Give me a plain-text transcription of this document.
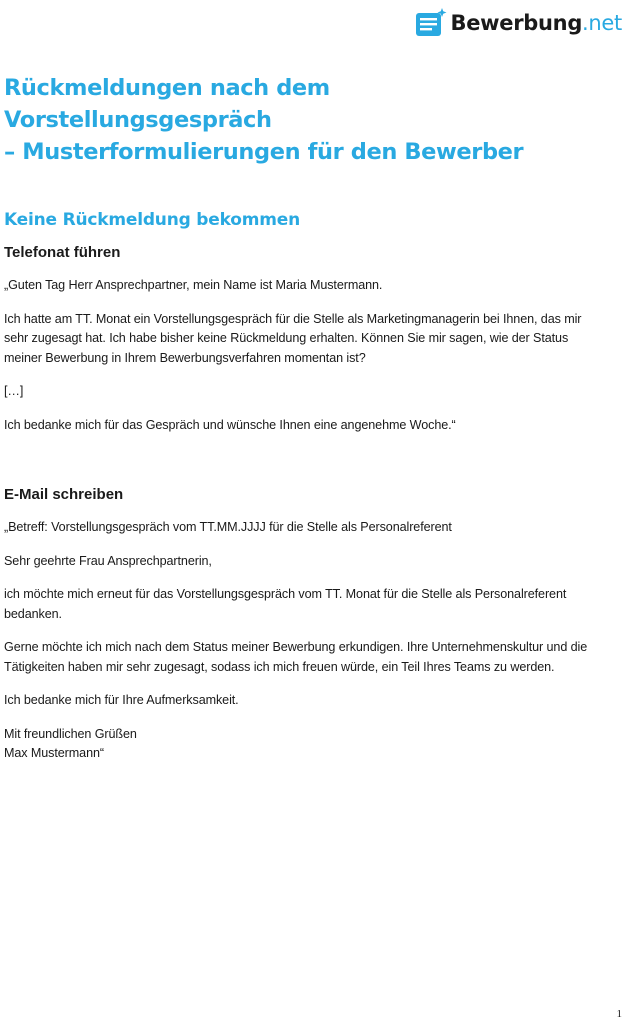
Bewerbung.net
Rückmeldungen nach dem Vorstellungsgespräch
– Musterformulierungen für den Bewerber
Keine Rückmeldung bekommen
Telefonat führen

„Guten Tag Herr Ansprechpartner, mein Name ist Maria Mustermann.

Ich hatte am TT. Monat ein Vorstellungsgespräch für die Stelle als Marketingmanagerin bei Ihnen, das mir sehr zugesagt hat. Ich habe bisher keine Rückmeldung erhalten. Können Sie mir sagen, wie der Status meiner Bewerbung in Ihrem Bewerbungsverfahren momentan ist?

[…]

Ich bedanke mich für das Gespräch und wünsche Ihnen eine angenehme Woche.“

E-Mail schreiben

„Betreff: Vorstellungsgespräch vom TT.MM.JJJJ für die Stelle als Personalreferent

Sehr geehrte Frau Ansprechpartnerin,

ich möchte mich erneut für das Vorstellungsgespräch vom TT. Monat für die Stelle als Personalreferent bedanken.

Gerne möchte ich mich nach dem Status meiner Bewerbung erkundigen. Ihre Unternehmenskultur und die Tätigkeiten haben mir sehr zugesagt, sodass ich mich freuen würde, ein Teil Ihres Teams zu werden.

Ich bedanke mich für Ihre Aufmerksamkeit.

Mit freundlichen Grüßen
Max Mustermann“

1
